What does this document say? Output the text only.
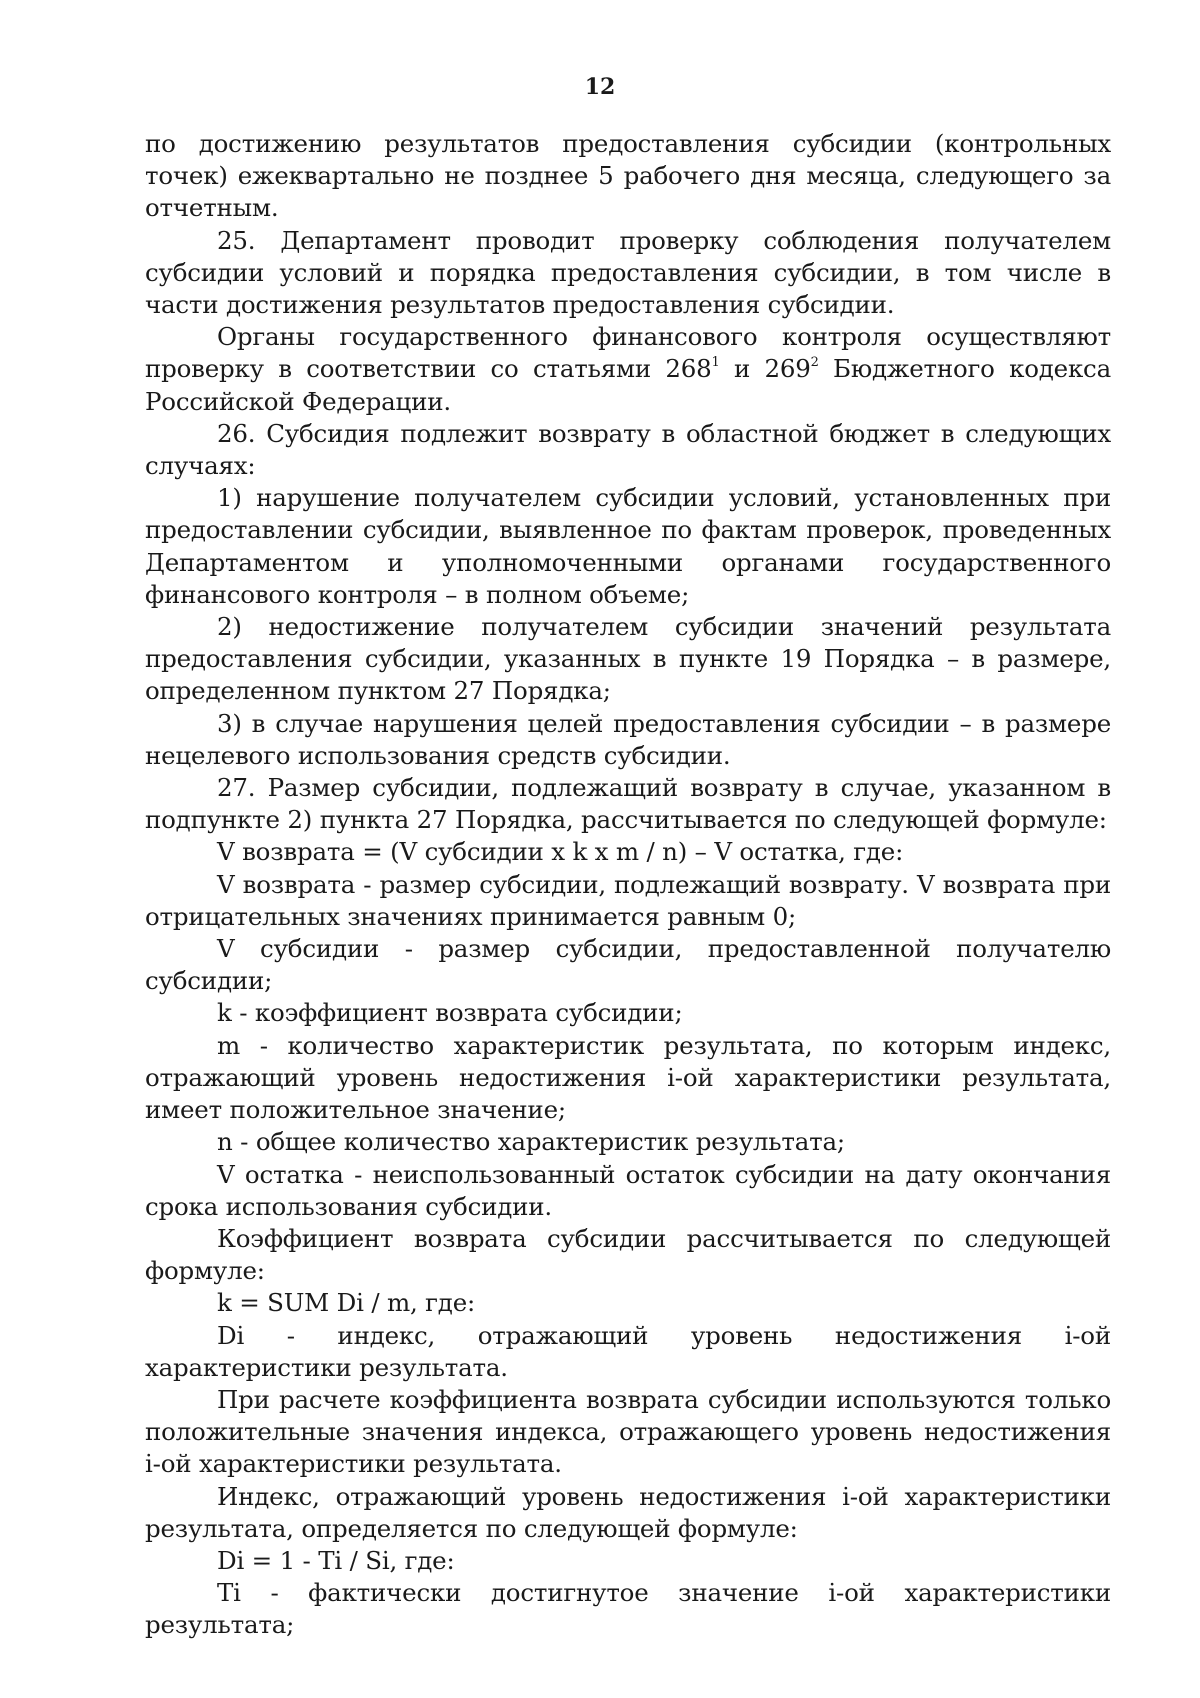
12

по достижению результатов предоставления субсидии (контрольных точек) ежеквартально не позднее 5 рабочего дня месяца, следующего за отчетным.

25. Департамент проводит проверку соблюдения получателем субсидии условий и порядка предоставления субсидии, в том числе в части достижения результатов предоставления субсидии.

Органы государственного финансового контроля осуществляют проверку в соответствии со статьями $268^1$ и $269^2$ Бюджетного кодекса Российской Федерации.

26. Субсидия подлежит возврату в областной бюджет в следующих случаях:

1) нарушение получателем субсидии условий, установленных при предоставлении субсидии, выявленное по фактам проверок, проведенных Департаментом и уполномоченными органами государственного финансового контроля – в полном объеме;

2) недостижение получателем субсидии значений результата предоставления субсидии, указанных в пункте 19 Порядка – в размере, определенном пунктом 27 Порядка;

3) в случае нарушения целей предоставления субсидии – в размере нецелевого использования средств субсидии.

27. Размер субсидии, подлежащий возврату в случае, указанном в подпункте 2) пункта 27 Порядка, рассчитывается по следующей формуле:

V возврата = (V субсидии x k x m / n) – V остатка, где:

V возврата - размер субсидии, подлежащий возврату. V возврата при отрицательных значениях принимается равным 0;

V субсидии - размер субсидии, предоставленной получателю субсидии;

k - коэффициент возврата субсидии;

m - количество характеристик результата, по которым индекс, отражающий уровень недостижения i-ой характеристики результата, имеет положительное значение;

n - общее количество характеристик результата;

V остатка - неиспользованный остаток субсидии на дату окончания срока использования субсидии.

Коэффициент возврата субсидии рассчитывается по следующей формуле:

k = SUM Di / m, где:

Di - индекс, отражающий уровень недостижения i-ой характеристики результата.

При расчете коэффициента возврата субсидии используются только положительные значения индекса, отражающего уровень недостижения i-ой характеристики результата.

Индекс, отражающий уровень недостижения i-ой характеристики результата, определяется по следующей формуле:

Di = 1 - Ti / Si, где:

Ti - фактически достигнутое значение i-ой характеристики результата;
